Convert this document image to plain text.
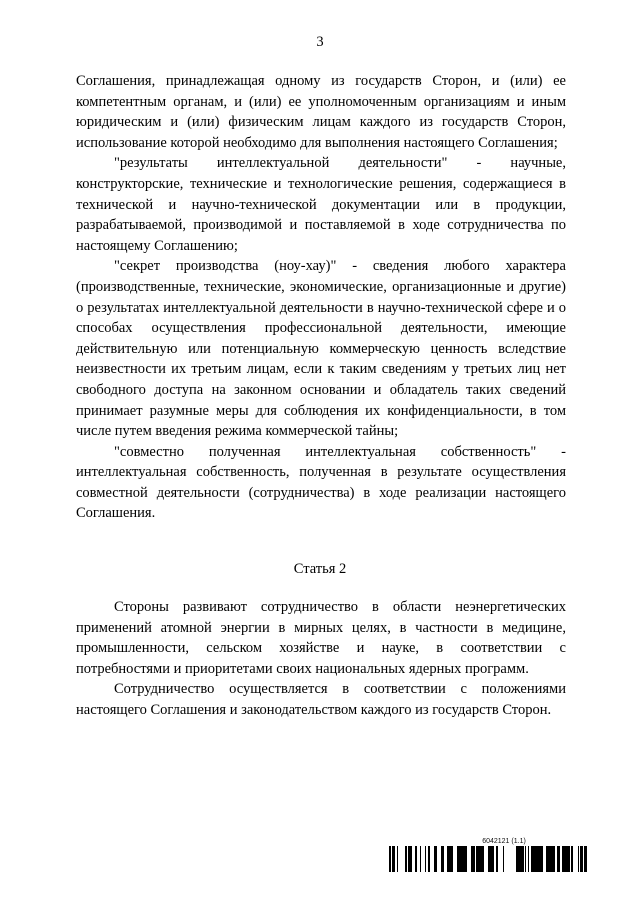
3

Соглашения, принадлежащая одному из государств Сторон, и (или) ее компетентным органам, и (или) ее уполномоченным организациям и иным юридическим и (или) физическим лицам каждого из государств Сторон, использование которой необходимо для выполнения настоящего Соглашения;

"результаты интеллектуальной деятельности" - научные, конструкторские, технические и технологические решения, содержащиеся в технической и научно-технической документации или в продукции, разрабатываемой, производимой и поставляемой в ходе сотрудничества по настоящему Соглашению;

"секрет производства (ноу-хау)" - сведения любого характера (производственные, технические, экономические, организационные и другие) о результатах интеллектуальной деятельности в научно-технической сфере и о способах осуществления профессиональной деятельности, имеющие действительную или потенциальную коммерческую ценность вследствие неизвестности их третьим лицам, если к таким сведениям у третьих лиц нет свободного доступа на законном основании и обладатель таких сведений принимает разумные меры для соблюдения их конфиденциальности, в том числе путем введения режима коммерческой тайны;

"совместно полученная интеллектуальная собственность" - интеллектуальная собственность, полученная в результате осуществления совместной деятельности (сотрудничества) в ходе реализации настоящего Соглашения.

Статья 2

Стороны развивают сотрудничество в области неэнергетических применений атомной энергии в мирных целях, в частности в медицине, промышленности, сельском хозяйстве и науке, в соответствии с потребностями и приоритетами своих национальных ядерных программ.

Сотрудничество осуществляется в соответствии с положениями настоящего Соглашения и законодательством каждого из государств Сторон.

6042121 (1.1)
